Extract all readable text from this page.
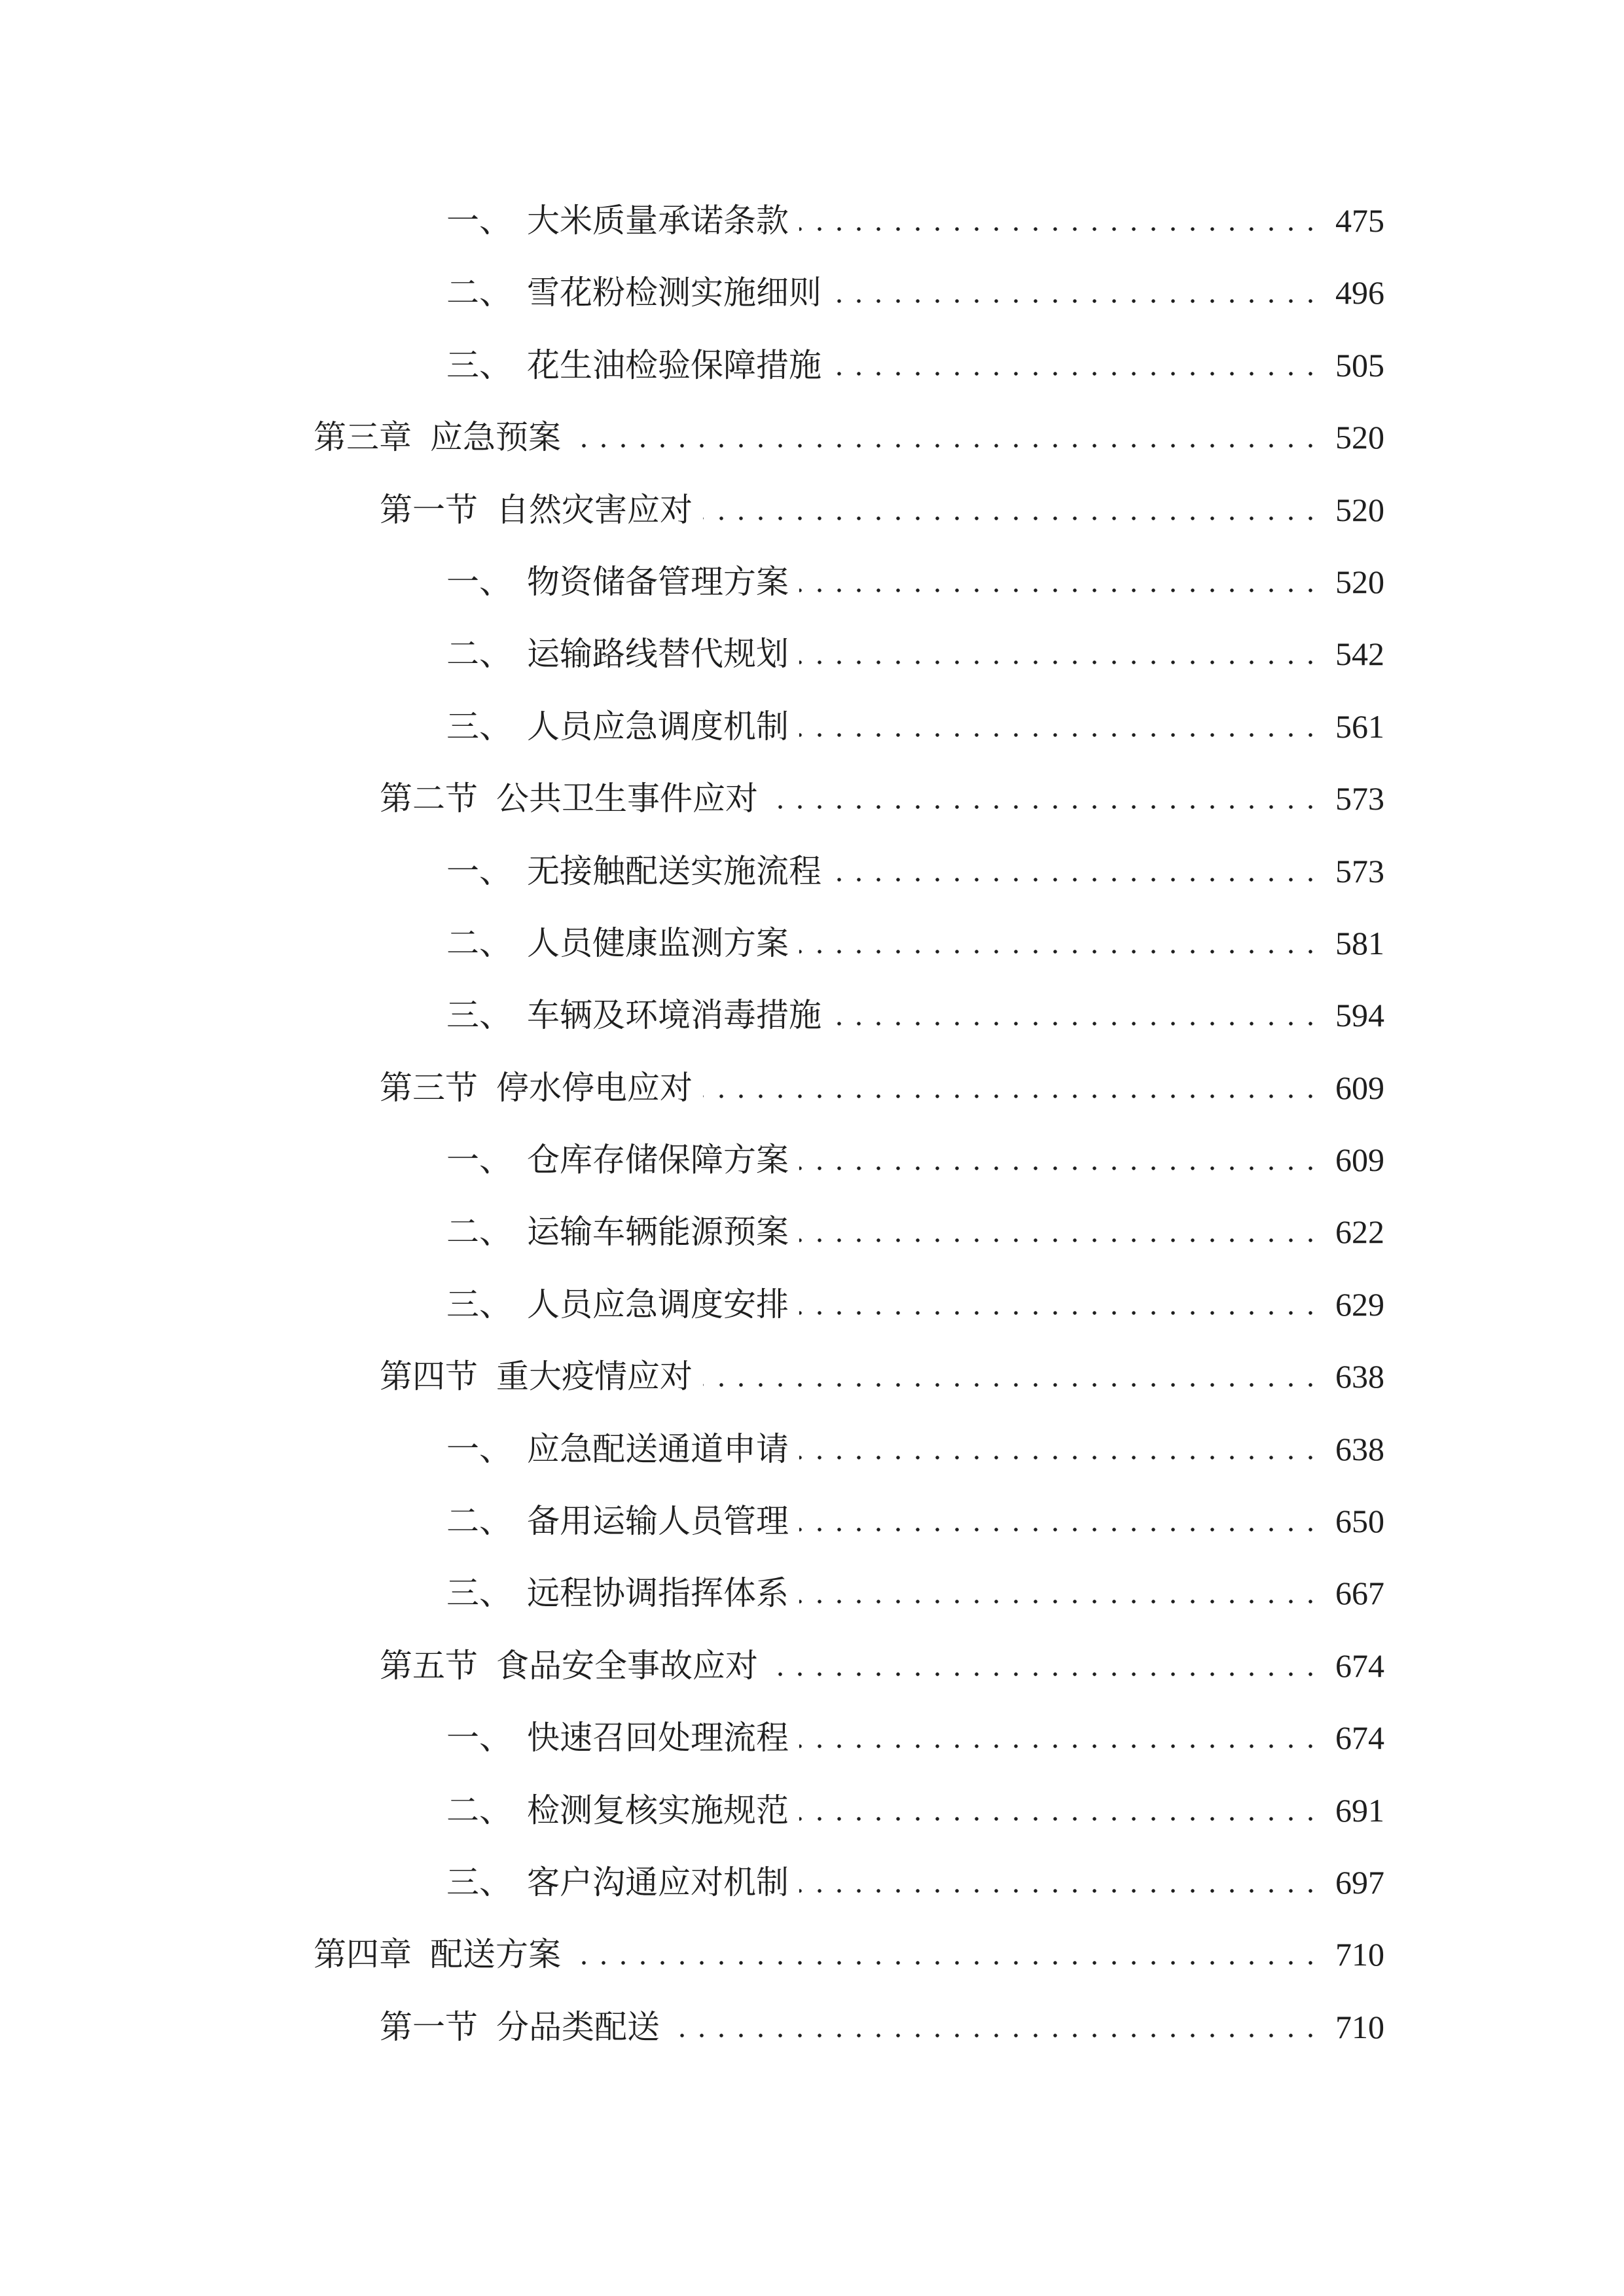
一、 大米质量承诺条款	475
二、 雪花粉检测实施细则	496
三、 花生油检验保障措施	505
第三章 应急预案	520
第一节 自然灾害应对	520
一、 物资储备管理方案	520
二、 运输路线替代规划	542
三、 人员应急调度机制	561
第二节 公共卫生事件应对	573
一、 无接触配送实施流程	573
二、 人员健康监测方案	581
三、 车辆及环境消毒措施	594
第三节 停水停电应对	609
一、 仓库存储保障方案	609
二、 运输车辆能源预案	622
三、 人员应急调度安排	629
第四节 重大疫情应对	638
一、 应急配送通道申请	638
二、 备用运输人员管理	650
三、 远程协调指挥体系	667
第五节 食品安全事故应对	674
一、 快速召回处理流程	674
二、 检测复核实施规范	691
三、 客户沟通应对机制	697
第四章 配送方案	710
第一节 分品类配送	710
